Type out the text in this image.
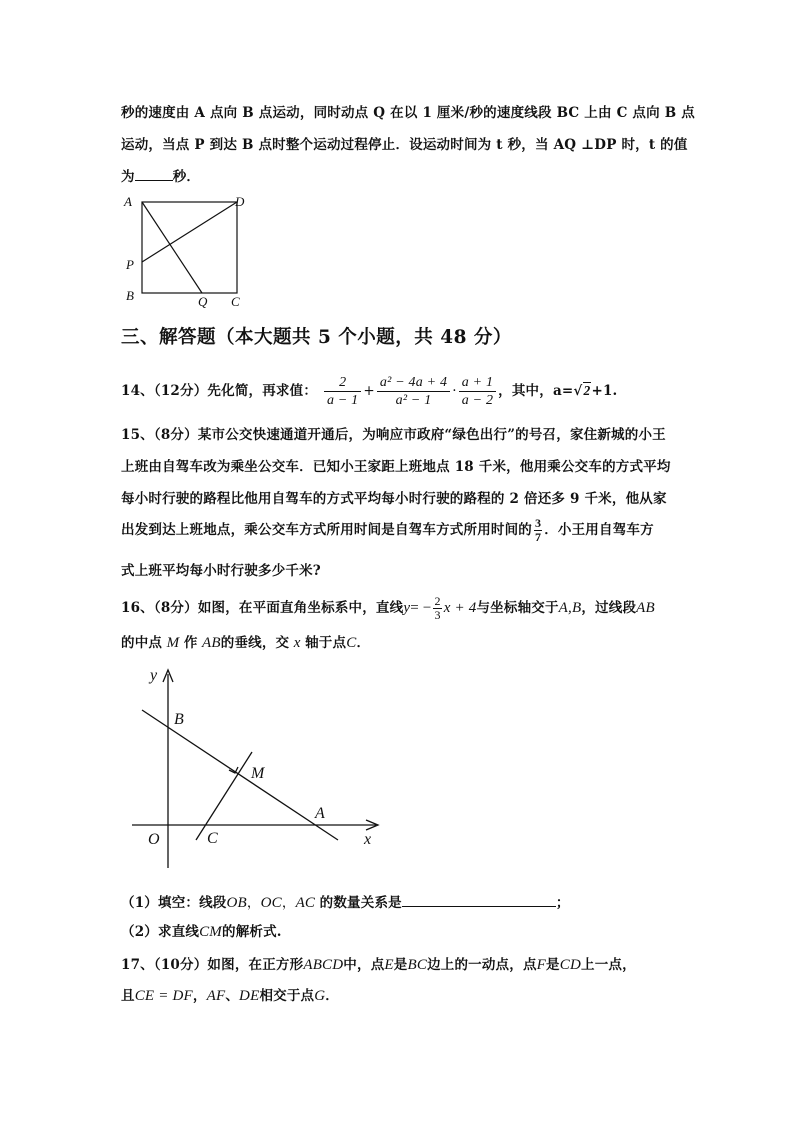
秒的速度由 A 点向 B 点运动，同时动点 Q 在以 1 厘米/秒的速度线段 BC 上由 C 点向 B 点
运动，当点 P 到达 B 点时整个运动过程停止．设运动时间为 t 秒，当 AQ ⊥DP 时，t 的值
为	秒．
A	D
P
B	Q C
三、解答题（本大题共 5 个小题，共 48 分）
14、（12分）先化简，再求值： $\frac{2}{a - 1} + \frac{\text{a² − 4a + 4}}{\text{a² − 1}} \cdot \frac{a + 1}{a - 2}$ ，其中，a=√2+1.
15、（8分）某市公交快速通道开通后，为响应市政府“绿色出行”的号召，家住新城的小王
上班由自驾车改为乘坐公交车．已知小王家距上班地点 18 千米，他用乘公交车的方式平均
每小时行驶的路程比他用自驾车的方式平均每小时行驶的路程的 2 倍还多 9 千米，他从家
出发到达上班地点，乘公交车方式所用时间是自驾车方式所用时间的 $\frac{3}{7}$ ．小王用自驾车方
式上班平均每小时行驶多少千米?
16、（8分）如图，在平面直角坐标系中，直线$y= - \frac{2}{3}$ x + 4与坐标轴交于A,B，过线段AB
的中点 M 作 AB的垂线，交 x 轴于点C．
y
B
M
A
O	C	x
（1）填空：线段OB，OC，AC 的数量关系是	；
（2）求直线CM的解析式.
17、（10分）如图，在正方形ABCD中，点E是BC边上的一动点，点F是CD上一点，
且CE = DF，AF、DE相交于点G．
